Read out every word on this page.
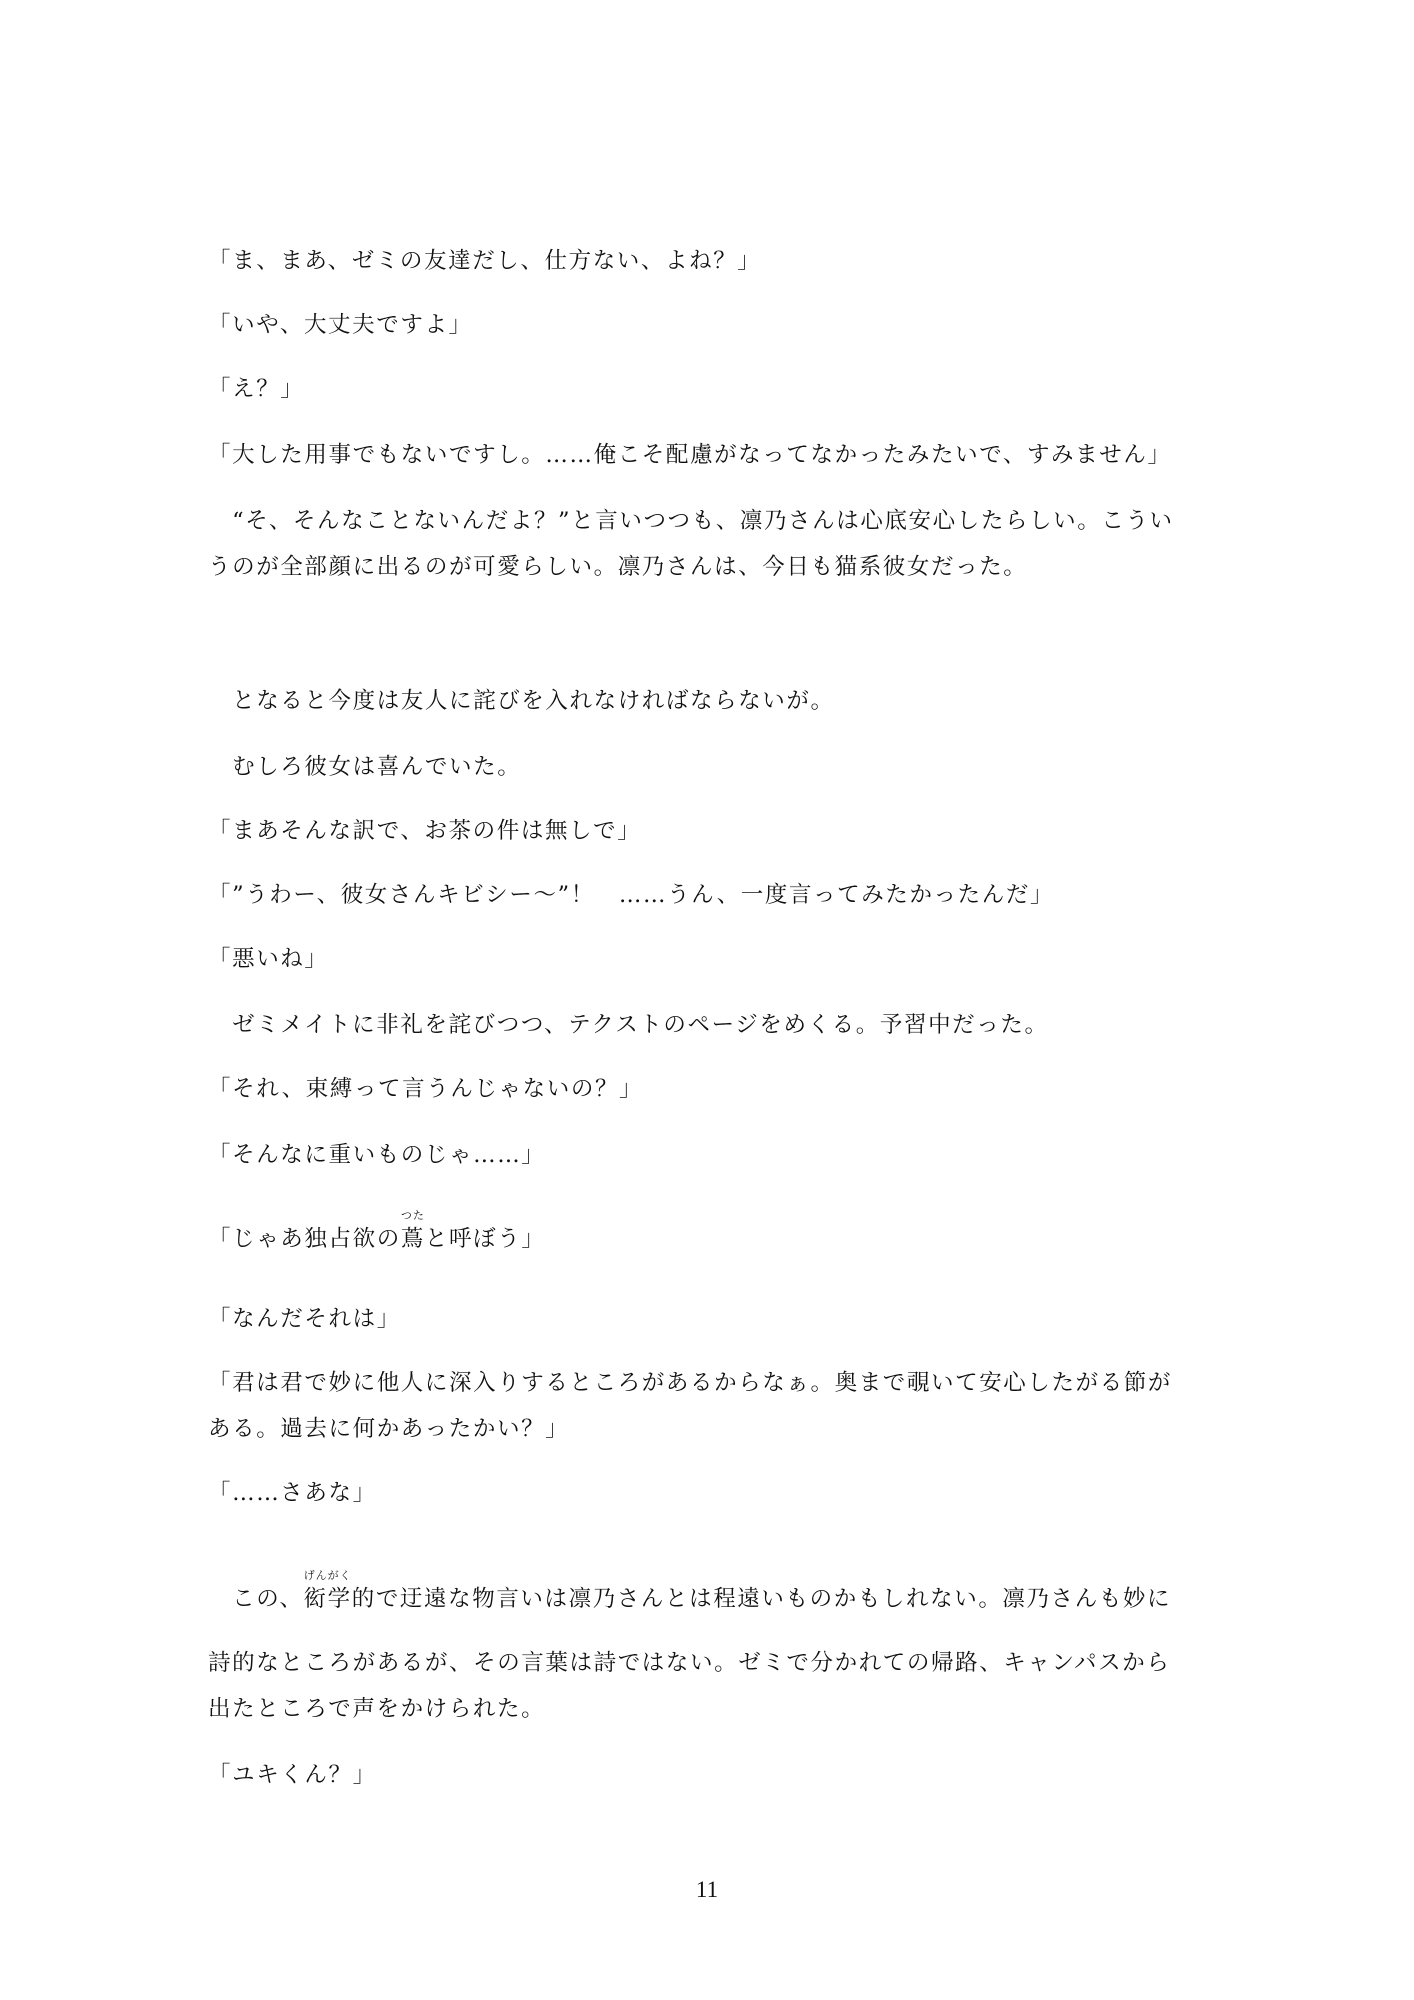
「ま、まあ、ゼミの友達だし、仕方ない、よね？」

「いや、大丈夫ですよ」

「え？」

「大した用事でもないですし。……俺こそ配慮がなってなかったみたいで、すみません」

　“そ、そんなことないんだよ？”と言いつつも、凛乃さんは心底安心したらしい。こうい

うのが全部顔に出るのが可愛らしい。凛乃さんは、今日も猫系彼女だった。

　となると今度は友人に詫びを入れなければならないが。

　むしろ彼女は喜んでいた。

「まあそんな訳で、お茶の件は無しで」

「”うわー、彼女さんキビシー～”！　……うん、一度言ってみたかったんだ」

「悪いね」

　ゼミメイトに非礼を詫びつつ、テクストのページをめくる。予習中だった。

「それ、束縛って言うんじゃないの？」

「そんなに重いものじゃ……」

「じゃあ独占欲の蔦
つた
と呼ぼう」

「なんだそれは」

「君は君で妙に他人に深入りするところがあるからなぁ。奥まで覗いて安心したがる節が

ある。過去に何かあったかい？」

「……さあな」

　この、衒学
げんがく
的で迂遠な物言いは凛乃さんとは程遠いものかもしれない。凛乃さんも妙に

詩的なところがあるが、その言葉は詩ではない。ゼミで分かれての帰路、キャンパスから

出たところで声をかけられた。

「ユキくん？」

11
